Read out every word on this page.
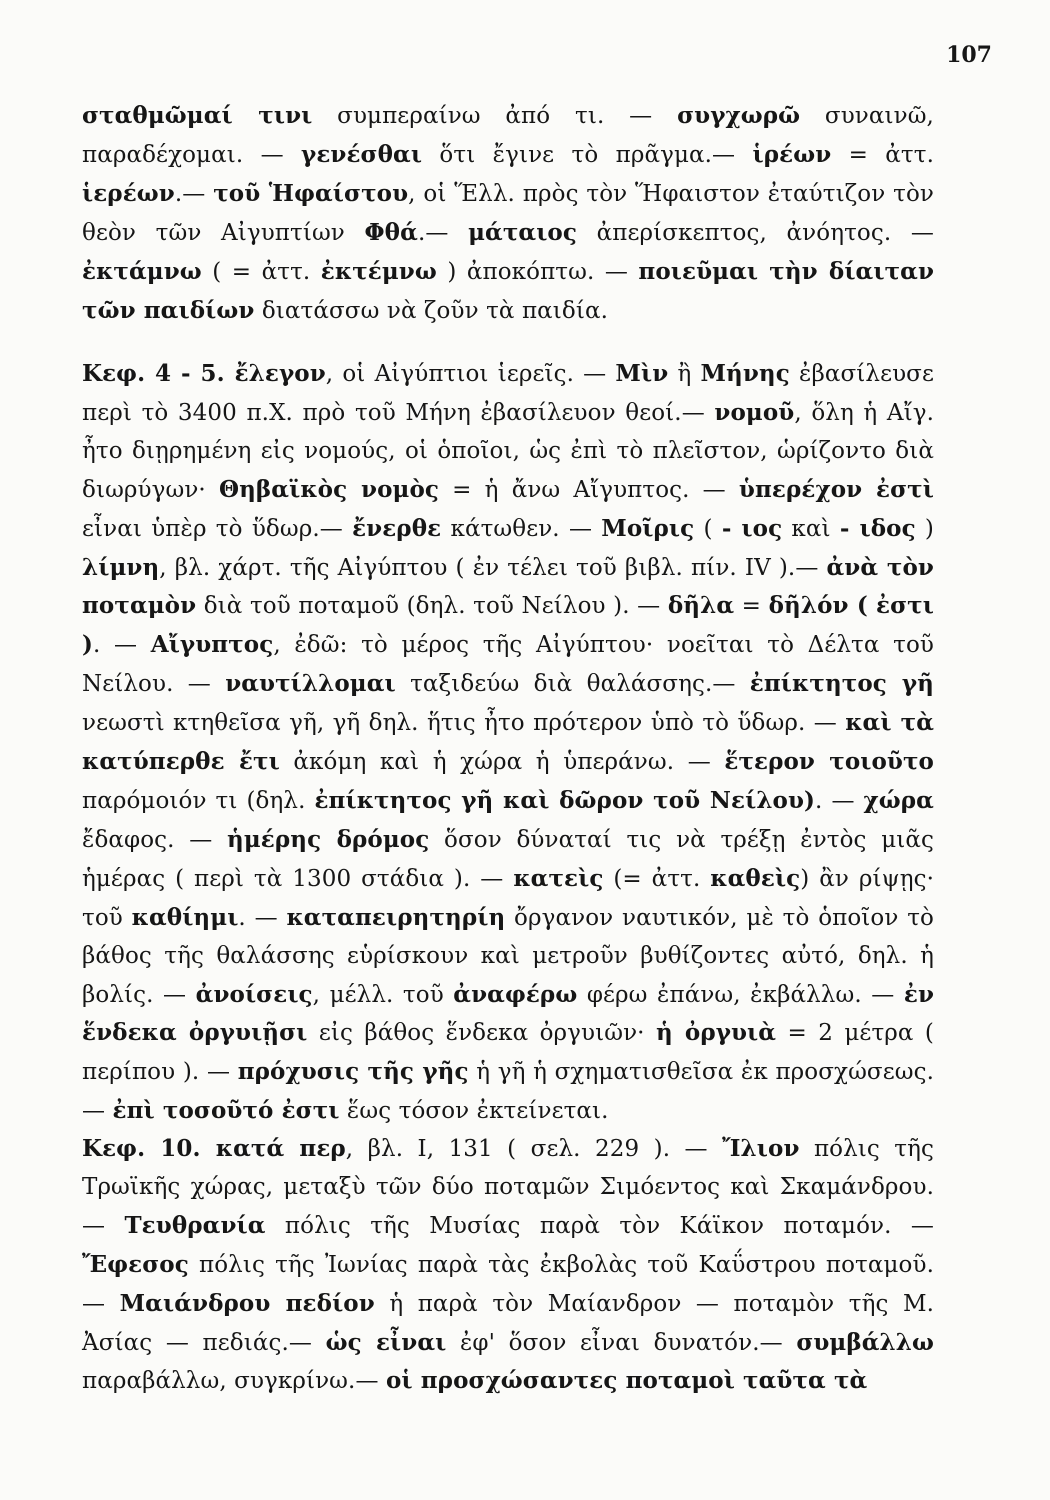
107

σταθμῶμαί τινι συμπεραίνω ἀπό τι. — συγχωρῶ συναινῶ, παραδέχομαι. — γενέσθαι ὅτι ἔγινε τὸ πρᾶγμα.— ἱρέων = ἀττ. ἱερέων.— τοῦ Ἡφαίστου, οἱ Ἕλλ. πρὸς τὸν Ἥφαιστον ἐταύτιζον τὸν θεὸν τῶν Αἰγυπτίων Φθά.— μάταιος ἀπερίσκεπτος, ἀνόητος. — ἐκτάμνω ( = ἀττ. ἐκτέμνω ) ἀποκόπτω. — ποιεῦμαι τὴν δίαιταν τῶν παιδίων διατάσσω νὰ ζοῦν τὰ παιδία.

Κεφ. 4 - 5. ἔλεγον, οἱ Αἰγύπτιοι ἱερεῖς. — Μὶν ἢ Μήνης ἐβασίλευσε περὶ τὸ 3400 π.Χ. πρὸ τοῦ Μήνη ἐβασίλευον θεοί.— νομοῦ, ὅλη ἡ Αἴγ. ἦτο διῃρημένη εἰς νομούς, οἱ ὁποῖοι, ὡς ἐπὶ τὸ πλεῖστον, ὡρίζοντο διὰ διωρύγων· Θηβαϊκὸς νομὸς = ἡ ἄνω Αἴγυπτος. — ὑπερέχον ἐστὶ εἶναι ὑπὲρ τὸ ὕδωρ.— ἔνερθε κάτωθεν. — Μοῖρις ( - ιος καὶ - ιδος ) λίμνη, βλ. χάρτ. τῆς Αἰγύπτου ( ἐν τέλει τοῦ βιβλ. πίν. IV ).— ἀνὰ τὸν ποταμὸν διὰ τοῦ ποταμοῦ (δηλ. τοῦ Νείλου ). — δῆλα = δῆλόν ( ἐστι ). — Αἴγυπτος, ἐδῶ: τὸ μέρος τῆς Αἰγύπτου· νοεῖται τὸ Δέλτα τοῦ Νείλου. — ναυτίλλομαι ταξιδεύω διὰ θαλάσσης.— ἐπίκτητος γῆ νεωστὶ κτηθεῖσα γῆ, γῆ δηλ. ἥτις ἦτο πρότερον ὑπὸ τὸ ὕδωρ. — καὶ τὰ κατύπερθε ἔτι ἀκόμη καὶ ἡ χώρα ἡ ὑπεράνω. — ἕτερον τοιοῦτο παρόμοιόν τι (δηλ. ἐπίκτητος γῆ καὶ δῶρον τοῦ Νείλου). — χώρα ἔδαφος. — ἡμέρης δρόμος ὅσον δύναταί τις νὰ τρέξῃ ἐντὸς μιᾶς ἡμέρας ( περὶ τὰ 1300 στάδια ). — κατεὶς (= ἀττ. καθεὶς) ἂν ρίψῃς· τοῦ καθίημι. — καταπειρητηρίη ὄργανον ναυτικόν, μὲ τὸ ὁποῖον τὸ βάθος τῆς θαλάσσης εὑρίσκουν καὶ μετροῦν βυθίζοντες αὐτό, δηλ. ἡ βολίς. — ἀνοίσεις, μέλλ. τοῦ ἀναφέρω φέρω ἐπάνω, ἐκβάλλω. — ἐν ἕνδεκα ὀργυιῇσι εἰς βάθος ἕνδεκα ὀργυιῶν· ἡ ὀργυιὰ = 2 μέτρα ( περίπου ). — πρόχυσις τῆς γῆς ἡ γῆ ἡ σχηματισθεῖσα ἐκ προσχώσεως.— ἐπὶ τοσοῦτό ἐστι ἕως τόσον ἐκτείνεται.

Κεφ. 10. κατά περ, βλ. I, 131 ( σελ. 229 ). — Ἴλιον πόλις τῆς Τρωϊκῆς χώρας, μεταξὺ τῶν δύο ποταμῶν Σιμόεντος καὶ Σκαμάνδρου. — Τευθρανία πόλις τῆς Μυσίας παρὰ τὸν Κάϊκον ποταμόν. — Ἔφεσος πόλις τῆς Ἰωνίας παρὰ τὰς ἐκβολὰς τοῦ Καΰστρου ποταμοῦ. — Μαιάνδρου πεδίον ἡ παρὰ τὸν Μαίανδρον — ποταμὸν τῆς Μ. Ἀσίας — πεδιάς.— ὡς εἶναι ἐφ' ὅσον εἶναι δυνατόν.— συμβάλλω παραβάλλω, συγκρίνω.— οἱ προσχώσαντες ποταμοὶ ταῦτα τὰ
